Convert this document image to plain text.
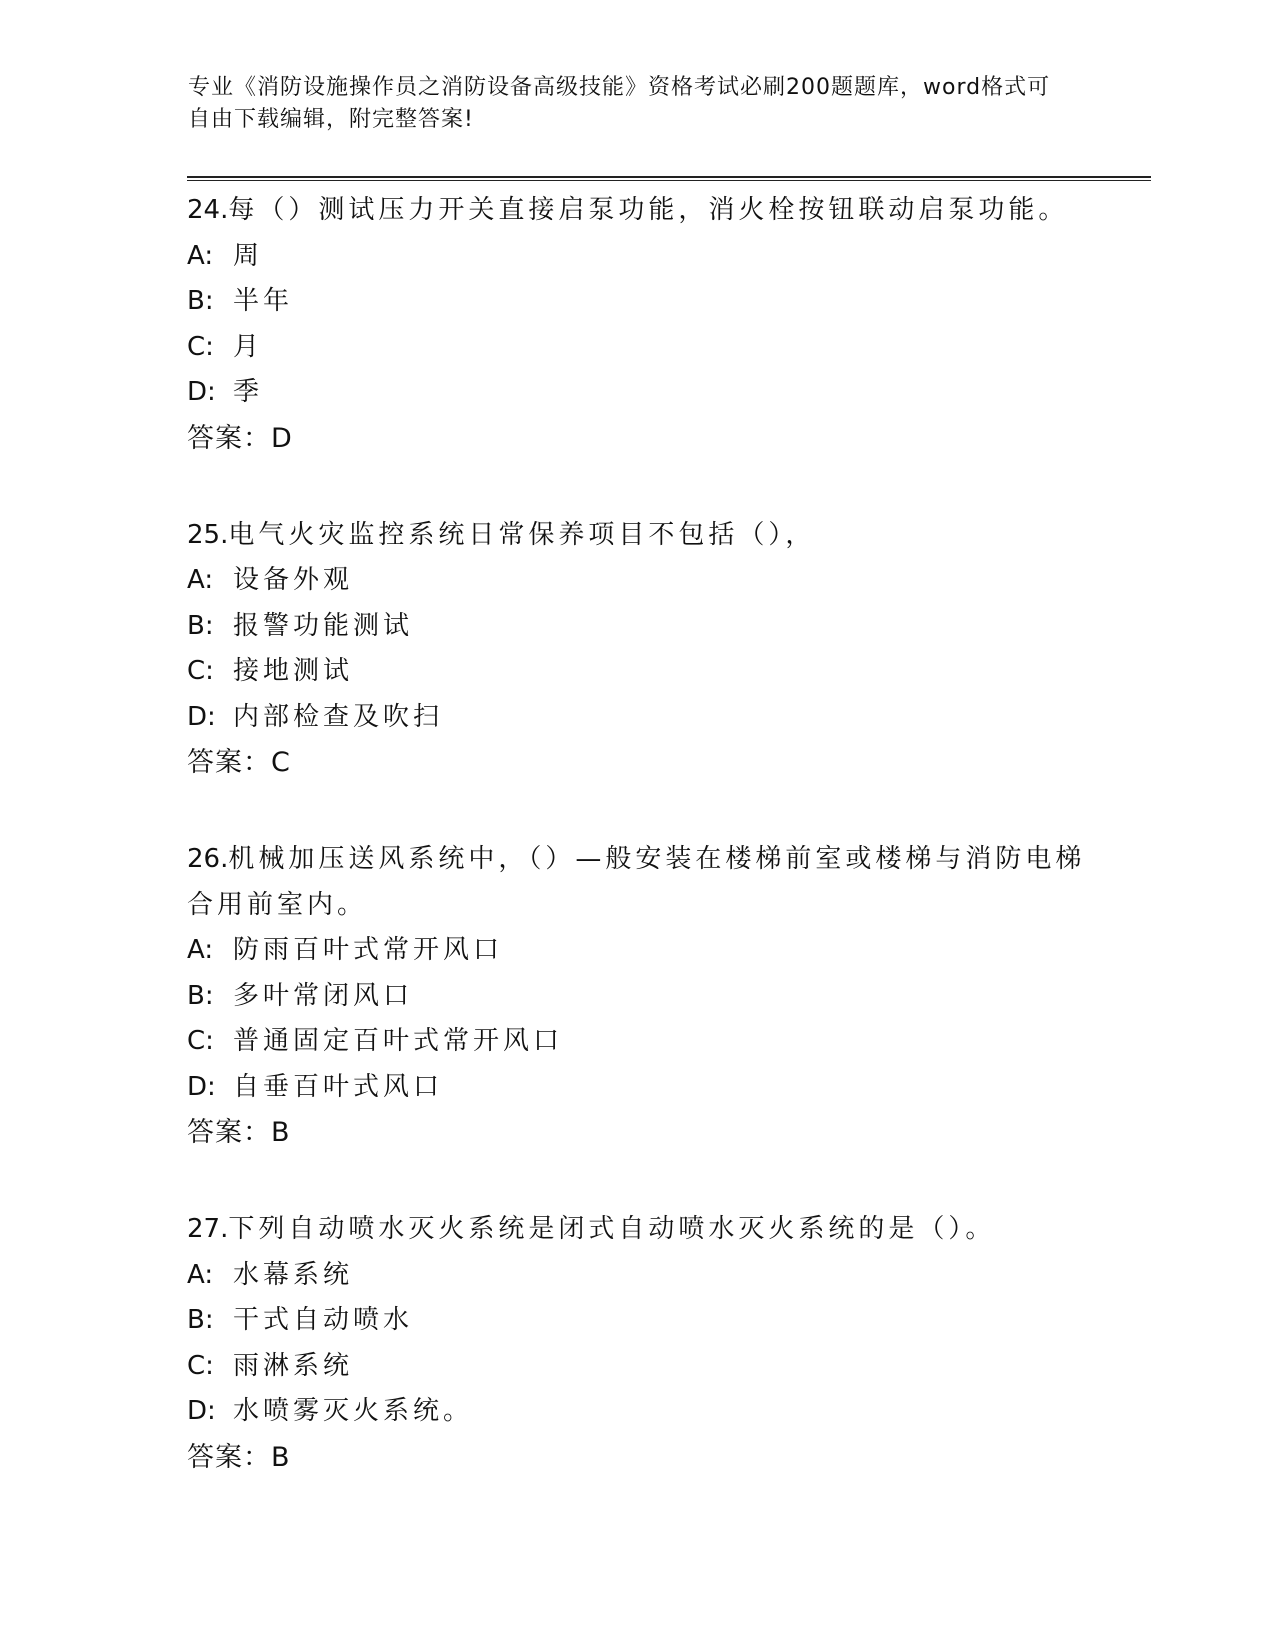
专业《消防设施操作员之消防设备高级技能》资格考试必刷200题题库，word格式可自由下载编辑，附完整答案!
24.每（）测试压力开关直接启泵功能，消火栓按钮联动启泵功能。
A: 周
B: 半年
C: 月
D: 季
答案：D
25.电气火灾监控系统日常保养项目不包括（），
A: 设备外观
B: 报警功能测试
C: 接地测试
D: 内部检查及吹扫
答案：C
26.机械加压送风系统中，（）—般安装在楼梯前室或楼梯与消防电梯合用前室内。
A: 防雨百叶式常开风口
B: 多叶常闭风口
C: 普通固定百叶式常开风口
D: 自垂百叶式风口
答案：B
27.下列自动喷水灭火系统是闭式自动喷水灭火系统的是（）。
A: 水幕系统
B: 干式自动喷水
C: 雨淋系统
D: 水喷雾灭火系统。
答案：B
